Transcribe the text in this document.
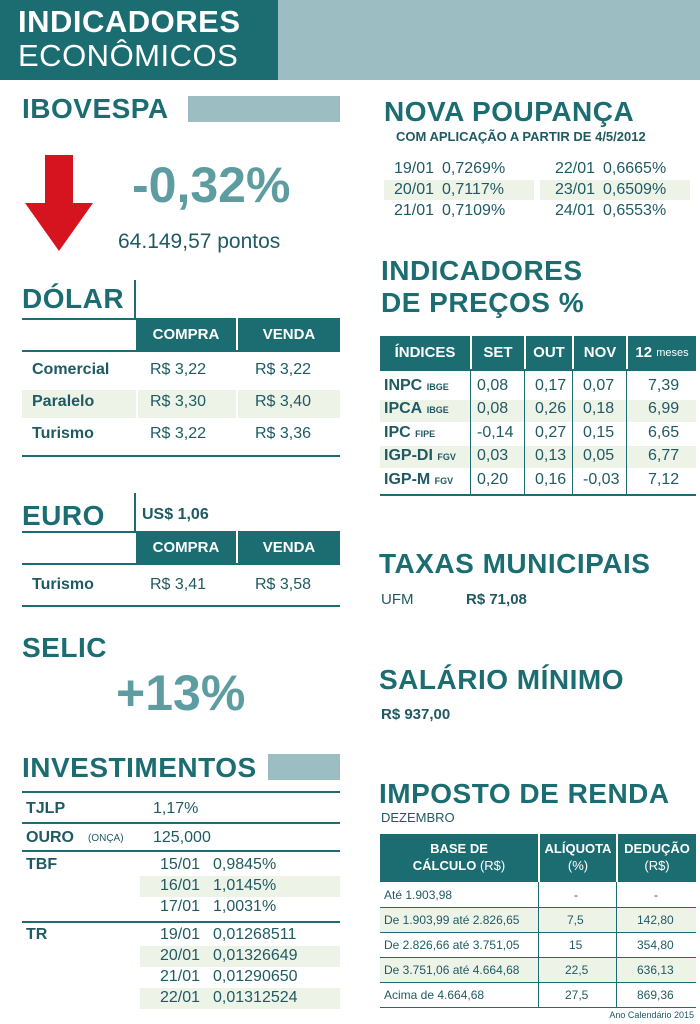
INDICADORES
ECONÔMICOS
IBOVESPA
-0,32%
64.149,57 pontos
DÓLAR
COMPRA	VENDA
Comercial	R$ 3,22	R$ 3,22
Paralelo	R$ 3,30	R$ 3,40
Turismo	R$ 3,22	R$ 3,36
EURO US$ 1,06
COMPRA	VENDA
Turismo	R$ 3,41	R$ 3,58
SELIC
+13%
INVESTIMENTOS
TJLP	1,17%
OURO (ONÇA) 125,000
TBF	15/01 0,9845%
16/01 1,0145%
17/01 1,0031%
TR	19/01 0,01268511
20/01 0,01326649
21/01 0,01290650
22/01 0,01312524
NOVA POUPANÇA
COM APLICAÇÃO A PARTIR DE 4/5/2012
19/01 0,7269%
20/01 0,7117%
21/01 0,7109%
22/01 0,6665%
23/01 0,6509%
24/01 0,6553%
INDICADORES
DE PREÇOS %
ÍNDICES	SET	OUT	NOV	12
meses
INPC IBGE 0,08 0,17 0,07 7,39
IPCA IBGE 0,08 0,26 0,18 6,99
IPC FIPE	-0,14 0,27 0,15 6,65
IGP-DI FGV 0,03 0,13 0,05 6,77
IGP-M FGV 0,20 0,16 -0,03 7,12
TAXAS MUNICIPAIS
UFM	R$ 71,08
SALÁRIO MÍNIMO
R$ 937,00
IMPOSTO DE RENDA
DEZEMBRO
BASE DE
CÁLCULO (R$)
ALÍQUOTA
(%)
DEDUÇÃO
(R$)
Até 1.903,98	-	-
De 1.903,99 até 2.826,65	7,5	142,80
De 2.826,66 até 3.751,05	15	354,80
De 3.751,06 até 4.664,68	22,5	636,13
Acima de 4.664,68	27,5	869,36
Ano Calendário 2015
